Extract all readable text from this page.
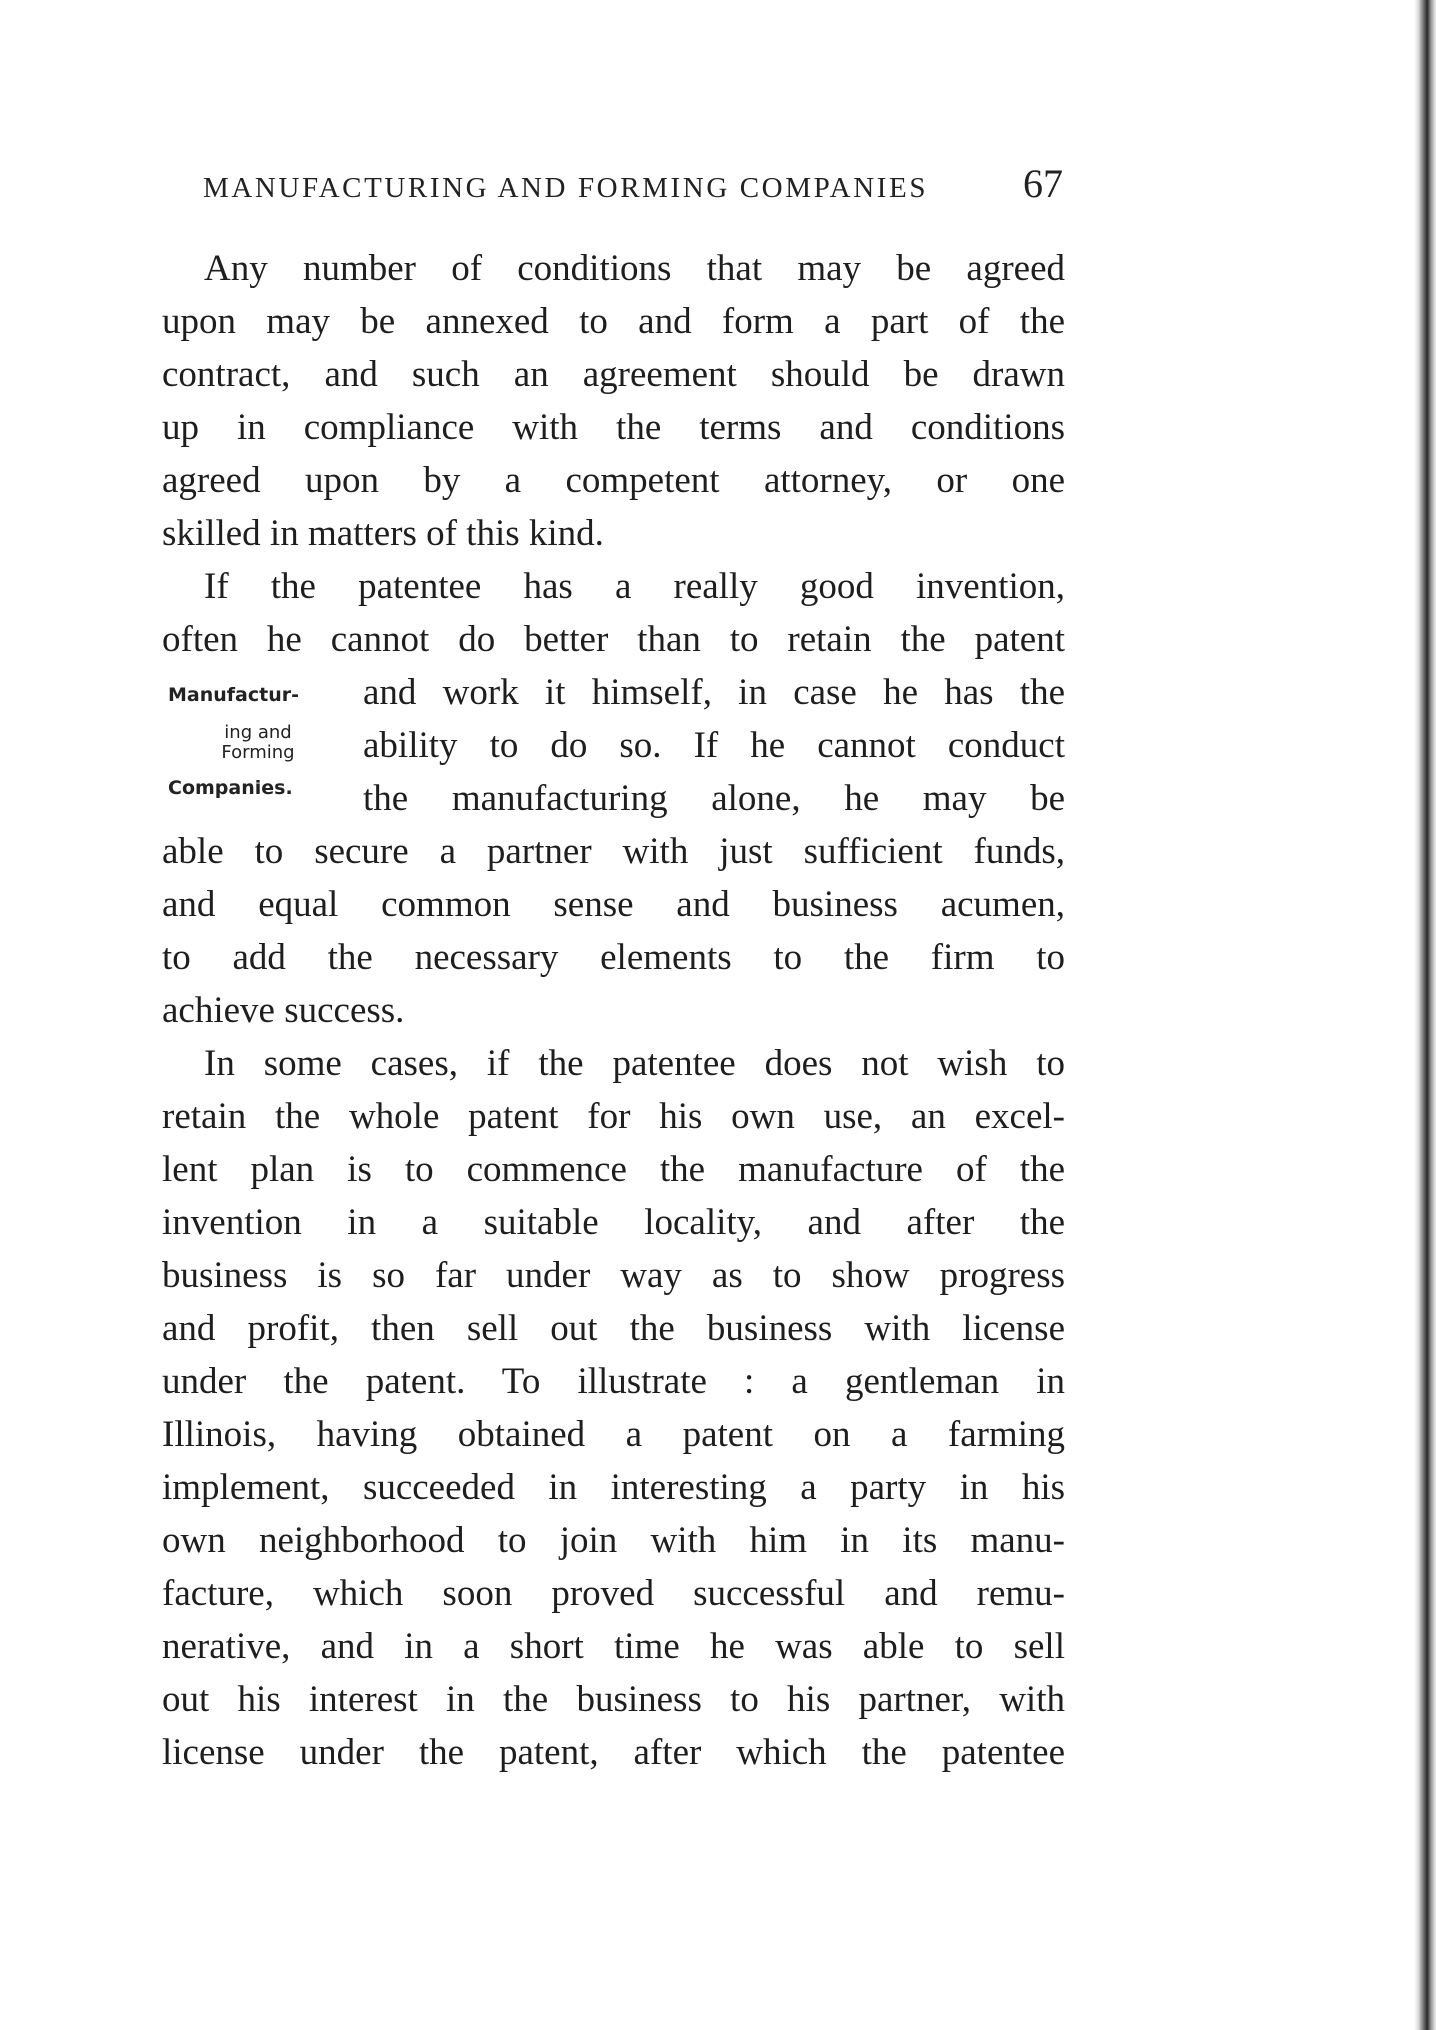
MANUFACTURING AND FORMING COMPANIES 67
Manufactur-
ing and
Forming
Companies.
Any number of conditions that may be agreed
upon may be annexed to and form a part of the
contract, and such an agreement should be drawn
up in compliance with the terms and conditions
agreed upon by a competent attorney, or one
skilled in matters of this kind.
If the patentee has a really good invention,
often he cannot do better than to retain the patent
and work it himself, in case he has the
ability to do so. If he cannot conduct
the manufacturing alone, he may be
able to secure a partner with just sufficient funds,
and equal common sense and business acumen,
to add the necessary elements to the firm to
achieve success.
In some cases, if the patentee does not wish to
retain the whole patent for his own use, an excel-
lent plan is to commence the manufacture of the
invention in a suitable locality, and after the
business is so far under way as to show progress
and profit, then sell out the business with license
under the patent. To illustrate : a gentleman in
Illinois, having obtained a patent on a farming
implement, succeeded in interesting a party in his
own neighborhood to join with him in its manu-
facture, which soon proved successful and remu-
nerative, and in a short time he was able to sell
out his interest in the business to his partner, with
license under the patent, after which the patentee
